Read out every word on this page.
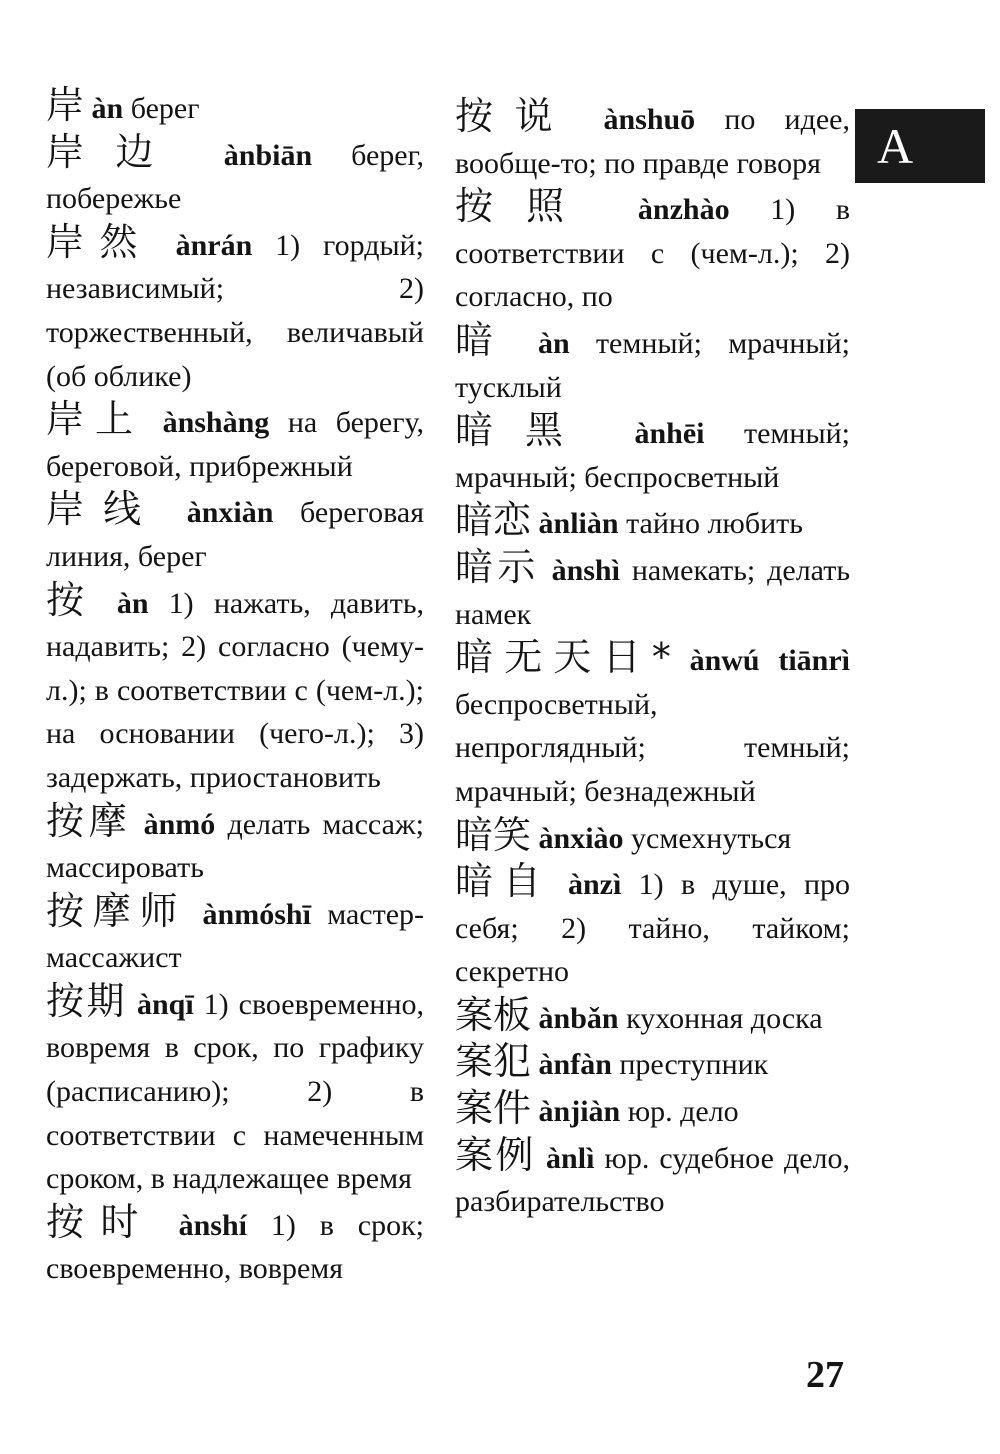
A

岸 àn берег

岸边 ànbiān берег, побережье

岸然 ànrán 1) гордый; независимый; 2) торжественный, величавый (об облике)

岸上 ànshàng на берегу, береговой, прибрежный

岸线 ànxiàn береговая линия, берег

按 àn 1) нажать, давить, надавить; 2) согласно (чему-л.); в соответствии с (чем-л.); на основании (чего-л.); 3) задержать, приостановить

按摩 ànmó делать массаж; массировать

按摩师 ànmóshī мастер-массажист

按期 ànqī 1) своевременно, вовремя в срок, по графику (расписанию); 2) в соответствии с намеченным сроком, в надлежащее время

按时 ànshí 1) в срок; своевременно, вовремя

按说 ànshuō по идее, вообще-то; по правде говоря

按照 ànzhào 1) в соответствии с (чем-л.); 2) согласно, по

暗 àn темный; мрачный; тусклый

暗黑 ànhēi темный; мрачный; беспросветный

暗恋 ànliàn тайно любить

暗示 ànshì намекать; делать намек

暗无天日* ànwú tiānrì беспросветный, непроглядный; темный; мрачный; безнадежный

暗笑 ànxiào усмехнуться

暗自 ànzì 1) в душе, про себя; 2) тайно, тайком; секретно

案板 ànbǎn кухонная доска

案犯 ànfàn преступник

案件 ànjiàn юр. дело

案例 ànlì юр. судебное дело, разбирательство

27
